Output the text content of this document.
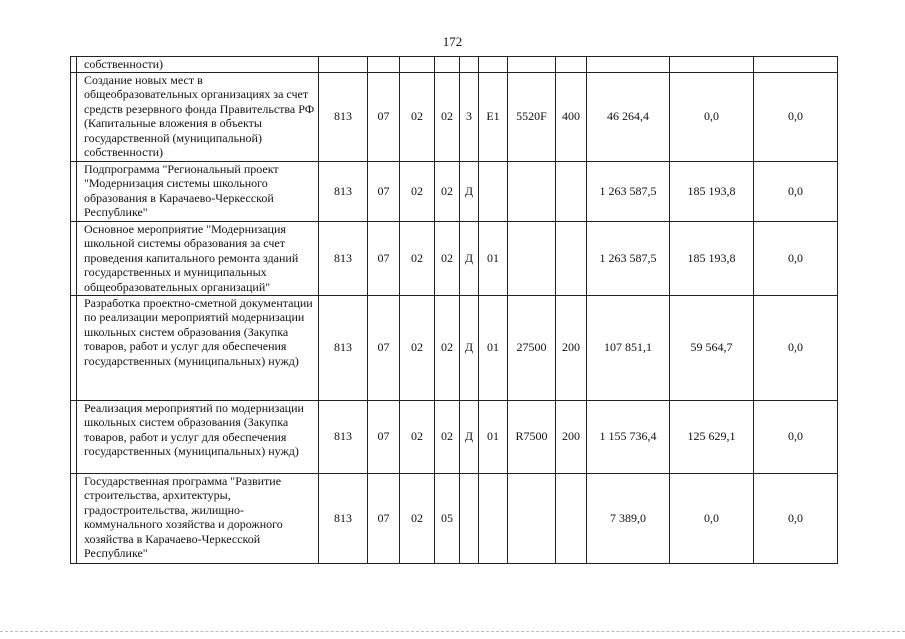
172
	собственности)											
	Создание новых мест в общеобразовательных организациях за счет средств резервного фонда Правительства РФ (Капитальные вложения в объекты государственной (муниципальной) собственности)	813	07	02	02	3	E1	5520F	400	46 264,4	0,0	0,0
	Подпрограмма "Региональный проект "Модернизация системы школьного образования в Карачаево-Черкесской Республике"	813	07	02	02	Д				1 263 587,5	185 193,8	0,0
	Основное мероприятие "Модернизация школьной системы образования за счет проведения капитального ремонта зданий государственных и муниципальных общеобразовательных организаций"	813	07	02	02	Д	01			1 263 587,5	185 193,8	0,0
	Разработка проектно-сметной документации по реализации мероприятий модернизации школьных систем образования (Закупка товаров, работ и услуг для обеспечения государственных (муниципальных) нужд)	813	07	02	02	Д	01	27500	200	107 851,1	59 564,7	0,0
	Реализация мероприятий по модернизации школьных систем образования (Закупка товаров, работ и услуг для обеспечения государственных (муниципальных) нужд)	813	07	02	02	Д	01	R7500	200	1 155 736,4	125 629,1	0,0
	Государственная программа "Развитие строительства, архитектуры, градостроительства, жилищно-коммунального хозяйства и дорожного хозяйства в Карачаево-Черкесской Республике"	813	07	02	05					7 389,0	0,0	0,0
